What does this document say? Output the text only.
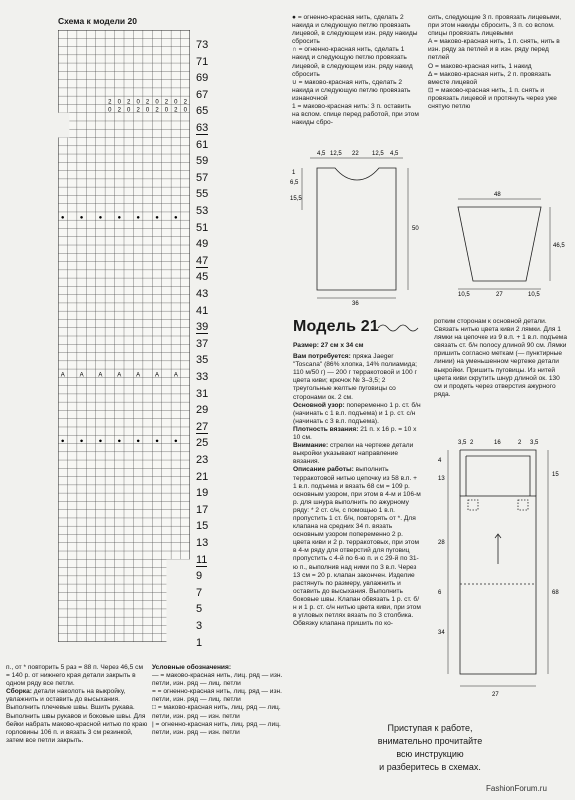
Схема к модели 20
●	●	●	●	●	●	●
A A A A A A A
●	●	●	●	●	●	●
2 0 2 0 2 0 2 0 2
0 2 0 2 0 2 0 2 0
73
71
69
67
65
63
61
59
57
55
53
51
49
47
45
43
41
39
37
35
33
31
29
27
25
23
21
19
17
15
13
11
9
7
5
3
1

п., от * повторить 5 раз = 88 п. Через 46,5 см = 140 р. от нижнего края детали закрыть в одном ряду все петли.

Сборка: детали наколоть на выкройку, увлажнить и оставить до высыхания. Выполнить плечевые швы. Вшить рукава. Выполнить швы рукавов и боковые швы. Для бейки набрать маково-красной нитью по краю горловины 106 п. и вязать 3 см резинкой, затем все петли закрыть.

Условные обозначения:

— = маково-красная нить, лиц. ряд — изн. петли, изн. ряд — лиц. петли

= = огненно-красная нить, лиц. ряд — изн. петли, изн. ряд — лиц. петли

□ = маково-красная нить, лиц. ряд — лиц. петли, изн. ряд — изн. петли

| = огненно-красная нить, лиц. ряд — лиц. петли, изн. ряд — изн. петли

● = огненно-красная нить, сделать 2 накида и следующую петлю провязать лицевой, в следующем изн. ряду накиды сбросить

∩ = огненно-красная нить, сделать 1 накид и следующую петлю провязать лицевой, в следующем изн. ряду накид сбросить

∪ = маково-красная нить, сделать 2 накида и следующую петлю провязать изнаночной

1 = маково-красная нить: 3 п. оставить на вспом. спице перед работой, при этом накиды сбро-

сить, следующие 3 п. провязать лицевыми, при этом накиды сбросить, 3 п. со вспом. спицы провязать лицевыми

A = маково-красная нить, 1 п. снять, нить в изн. ряду за петлей и в изн. ряду перед петлей

O = маково-красная нить, 1 накид

Δ = маково-красная нить, 2 п. провязать вместе лицевой

⊡ = маково-красная нить, 1 п. снять и провязать лицевой и протянуть через уже снятую петлю

4,5 12,5 22 12,5 4,5
1
6,5
15,5
50
36
48
46,5
10,5	27	10,5
Модель 21

Размер: 27 см x 34 см

Вам потребуется: пряжа Jaeger "Toscana" (86% хлопка, 14% полиамида; 110 м/50 г) — 200 г терракотовой и 100 г цвета киви; крючок № 3–3,5; 2 треугольные желтые пуговицы со сторонами ок. 2 см.

Основной узор: попеременно 1 р. ст. б/н (начинать с 1 в.п. подъема) и 1 р. ст. с/н (начинать с 3 в.п. подъема).

Плотность вязания: 21 п. x 16 р. = 10 x 10 см.

Внимание: стрелки на чертеже детали выкройки указывают направление вязания.

Описание работы: выполнить терракотовой нитью цепочку из 58 в.п. + 1 в.п. подъема и вязать 68 см = 109 р. основным узором, при этом в 4-м и 106-м р. для шнура выполнить по ажурному ряду: * 2 ст. с/н, с помощью 1 в.п. пропустить 1 ст. б/н, повторять от *. Для клапана на средних 34 п. вязать основным узором попеременно 2 р. цвета киви и 2 р. терракотовых, при этом в 4-м ряду для отверстий для пуговиц пропустить с 4-й по 6-ю п. и с 29-й по 31-ю п., выполнив над ними по 3 в.п. Через 13 см = 20 р. клапан закончен. Изделие растянуть по размеру, увлажнить и оставить до высыхания. Выполнить боковые швы. Клапан обвязать 1 р. ст. б/н и 1 р. ст. с/н нитью цвета киви, при этом в угловых петлях вязать по 3 столбика. Обвязку клапана пришить по ко-

ротким сторонам к основной детали. Связать нитью цвета киви 2 лямки. Для 1 лямки на цепочке из 9 в.п. + 1 в.п. подъема связать ст. б/н полосу длиной 90 см. Лямки пришить согласно меткам (— пунктирные линии) на уменьшенном чертеже детали выкройки. Пришить пуговицы. Из нитей цвета киви скрутить шнур длиной ок. 130 см и продеть через отверстия ажурного ряда.

3,5 2	16	2 3,5
4
13
28
6
34
15
68
27
Приступая к работе,
внимательно прочитайте
всю инструкцию
и разберитесь в схемах.
FashionForum.ru
